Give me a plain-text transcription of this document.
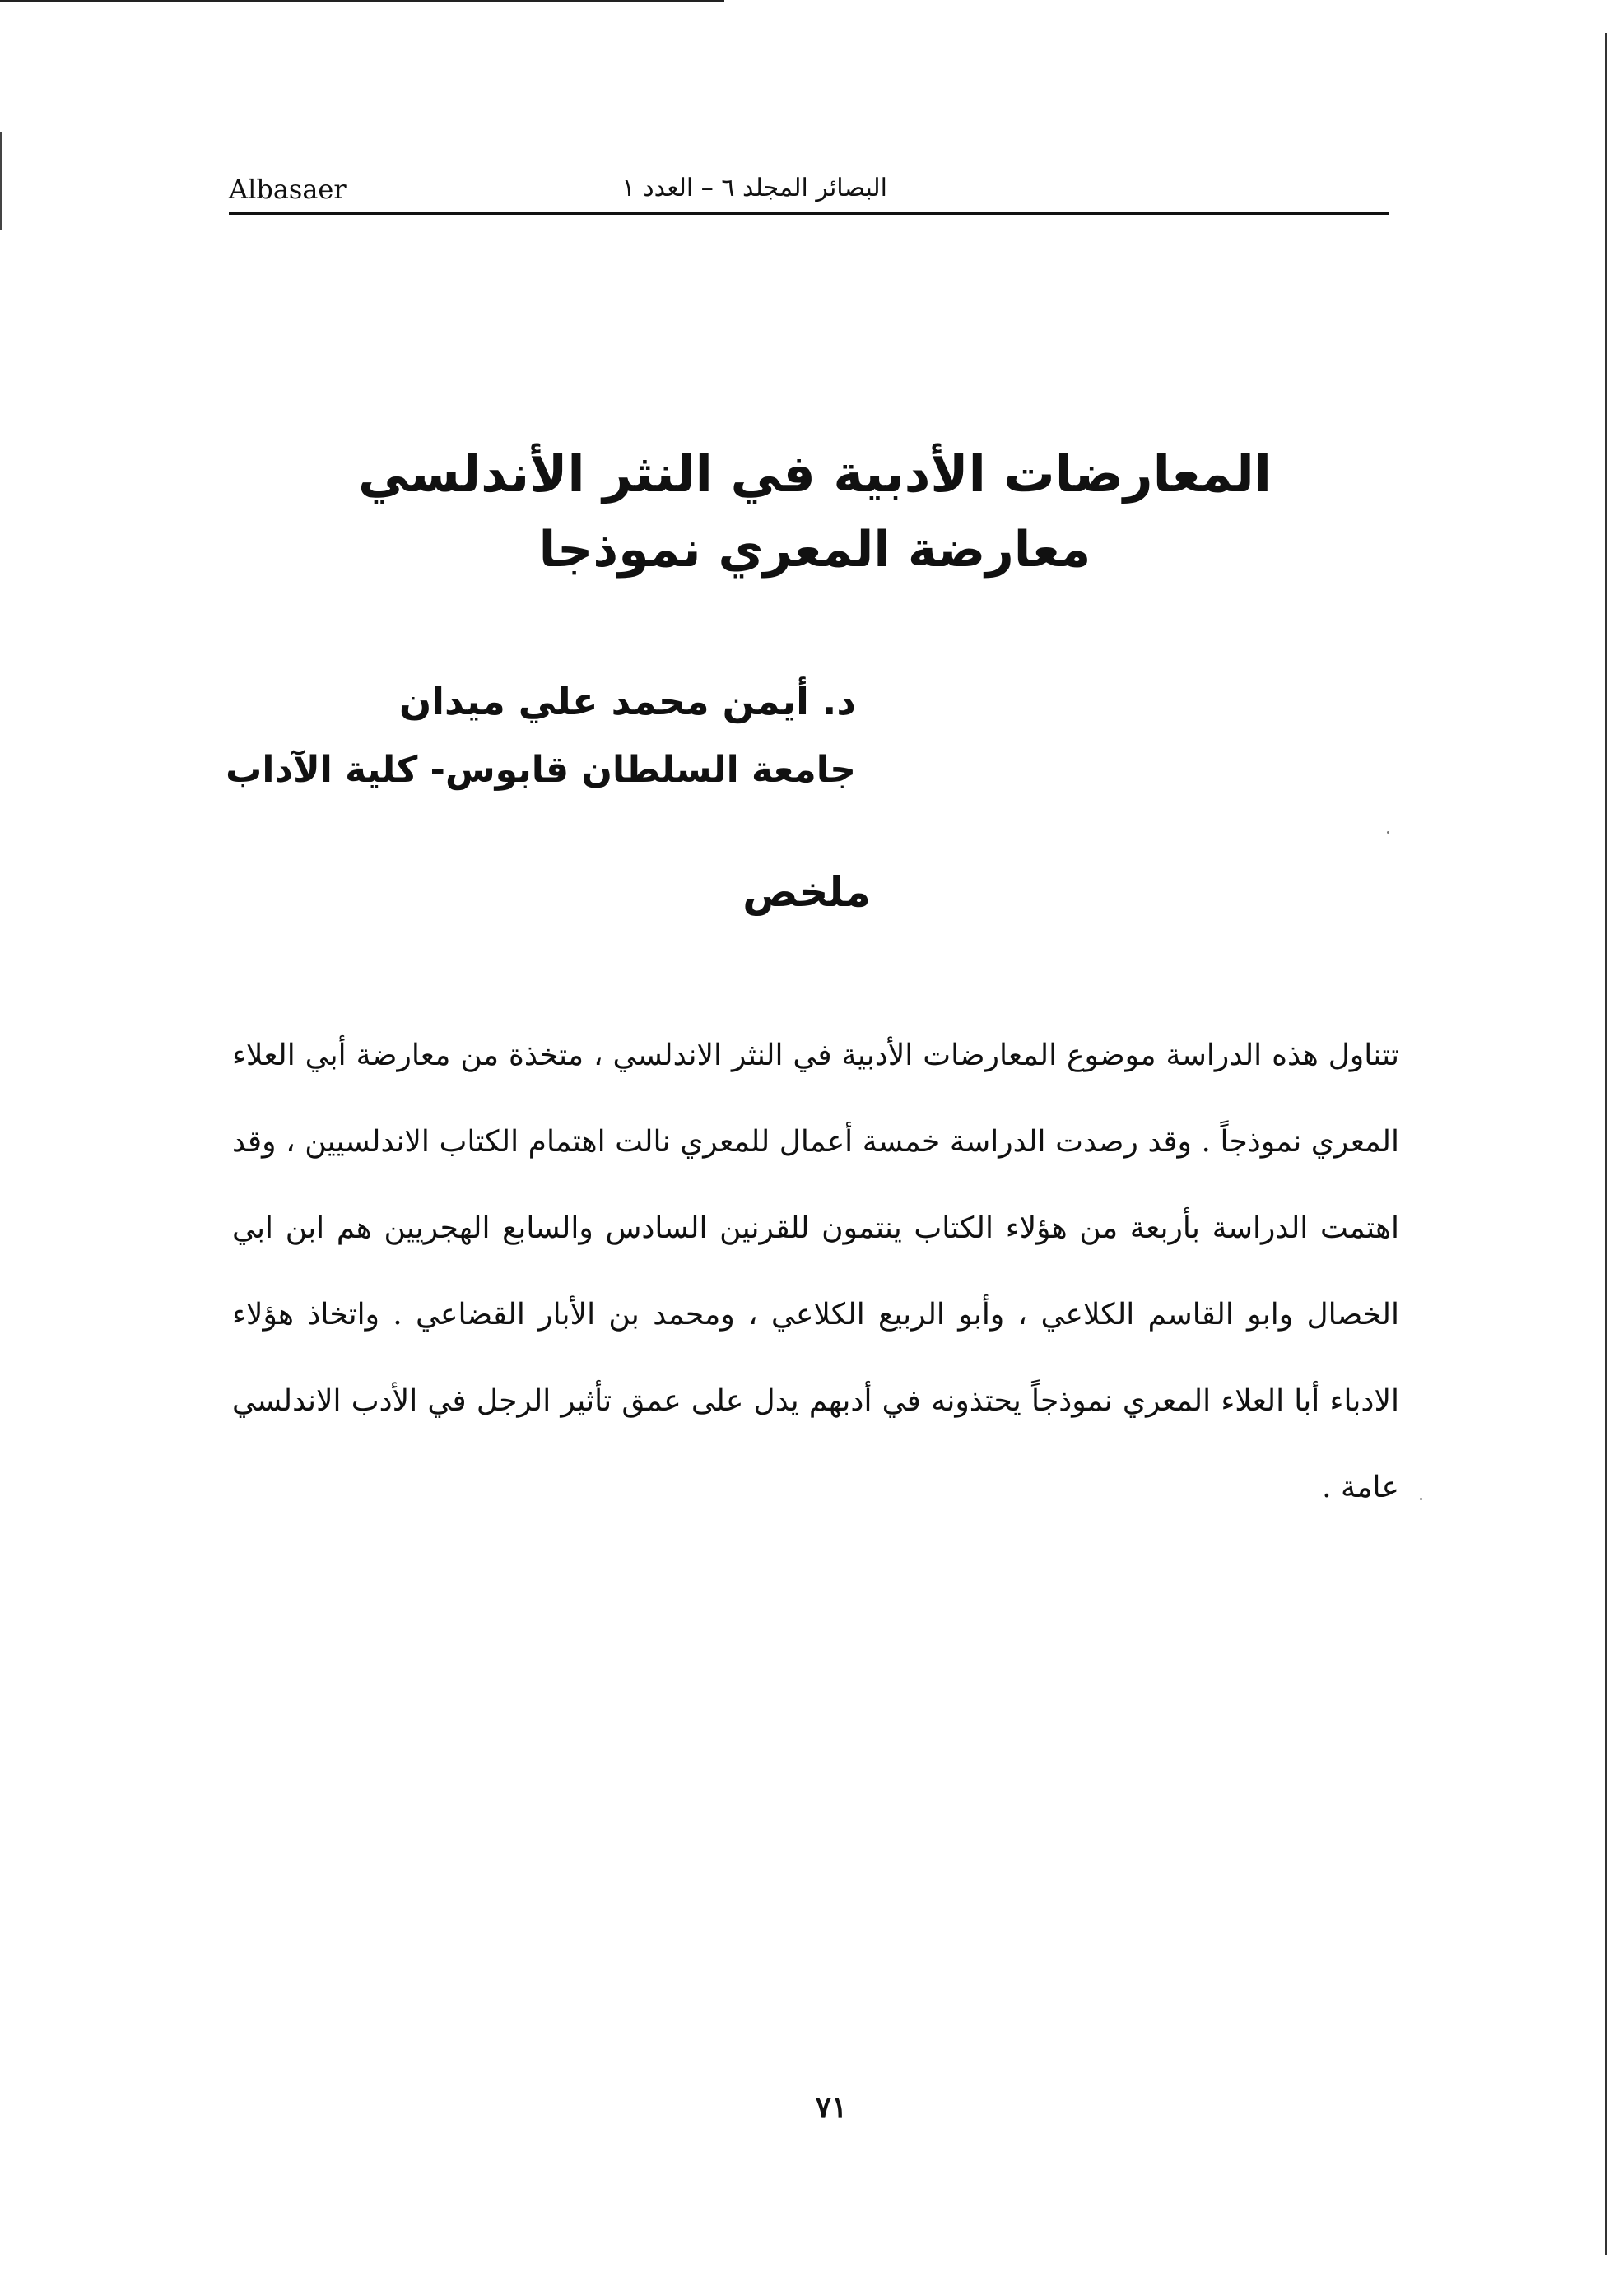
البصائر المجلد ٦ – العدد ١
Albasaer
المعارضات الأدبية في النثر الأندلسي
معارضة المعري نموذجا
د. أيمن محمد علي ميدان
جامعة السلطان قابوس- كلية الآداب
ملخص
تتناول هذه الدراسة موضوع المعارضات الأدبية في النثر الاندلسي ، متخذة من معارضة أبي العلاء المعري نموذجاً . وقد رصدت الدراسة خمسة أعمال للمعري نالت اهتمام الكتاب الاندلسيين ، وقد اهتمت الدراسة بأربعة من هؤلاء الكتاب ينتمون للقرنين السادس والسابع الهجريين هم ابن ابي الخصال وابو القاسم الكلاعي ، وأبو الربيع الكلاعي ، ومحمد بن الأبار القضاعي . واتخاذ هؤلاء الادباء أبا العلاء المعري نموذجاً يحتذونه في أدبهم يدل على عمق تأثير الرجل في الأدب الاندلسي عامة .
٧١
